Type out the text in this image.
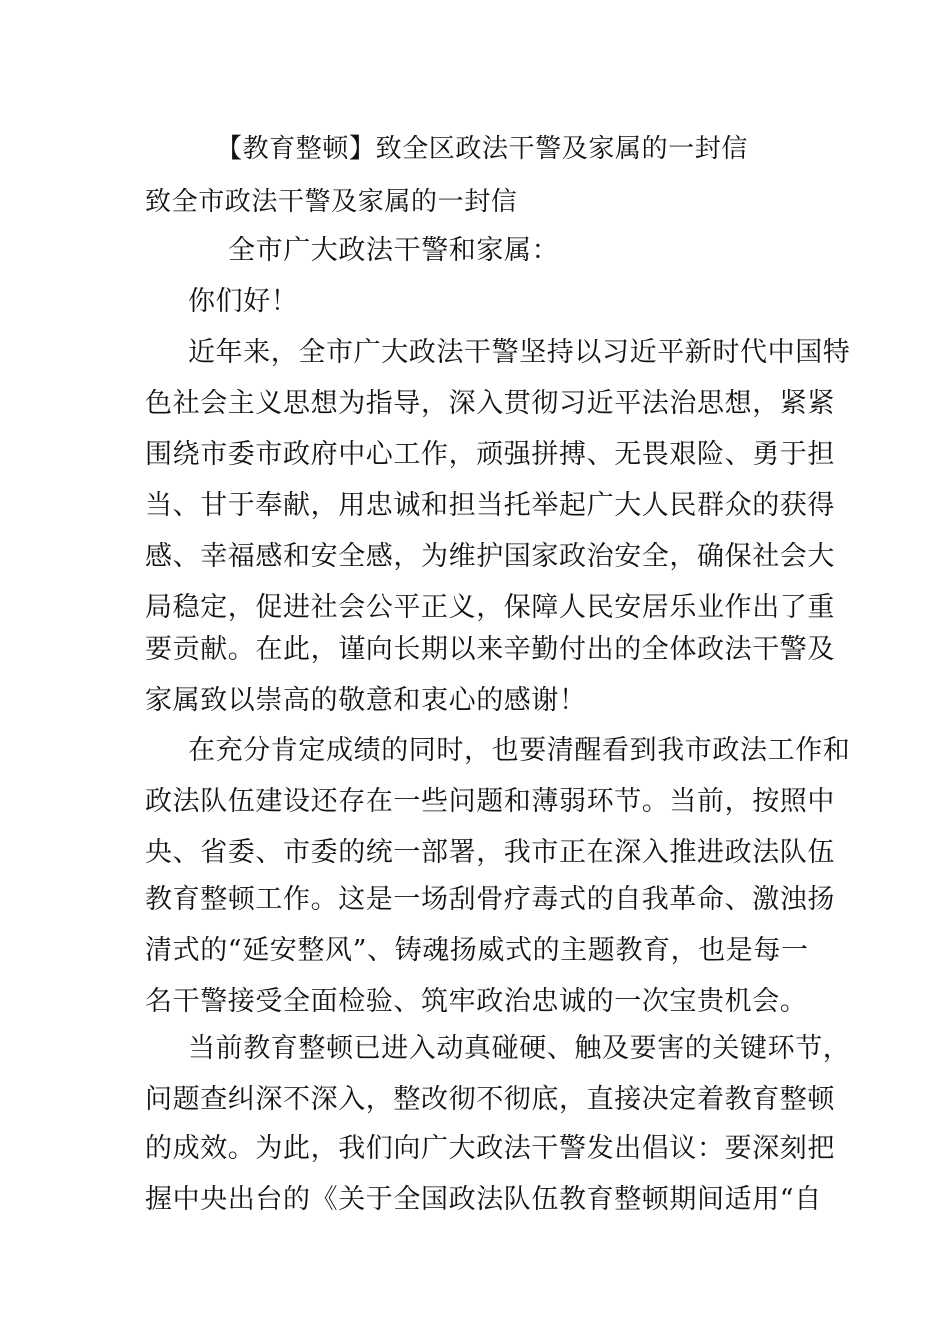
【教育整顿】致全区政法干警及家属的一封信
致全市政法干警及家属的一封信
全市广大政法干警和家属：
你们好！
近年来，全市广大政法干警坚持以习近平新时代中国特
色社会主义思想为指导，深入贯彻习近平法治思想，紧紧
围绕市委市政府中心工作，顽强拼搏、无畏艰险、勇于担
当、甘于奉献，用忠诚和担当托举起广大人民群众的获得
感、幸福感和安全感，为维护国家政治安全，确保社会大
局稳定，促进社会公平正义，保障人民安居乐业作出了重
要贡献。在此，谨向长期以来辛勤付出的全体政法干警及
家属致以崇高的敬意和衷心的感谢！
在充分肯定成绩的同时，也要清醒看到我市政法工作和
政法队伍建设还存在一些问题和薄弱环节。当前，按照中
央、省委、市委的统一部署，我市正在深入推进政法队伍
教育整顿工作。这是一场刮骨疗毒式的自我革命、激浊扬
清式的“延安整风”、铸魂扬威式的主题教育，也是每一
名干警接受全面检验、筑牢政治忠诚的一次宝贵机会。
当前教育整顿已进入动真碰硬、触及要害的关键环节，
问题查纠深不深入，整改彻不彻底，直接决定着教育整顿
的成效。为此，我们向广大政法干警发出倡议：要深刻把
握中央出台的《关于全国政法队伍教育整顿期间适用“自
